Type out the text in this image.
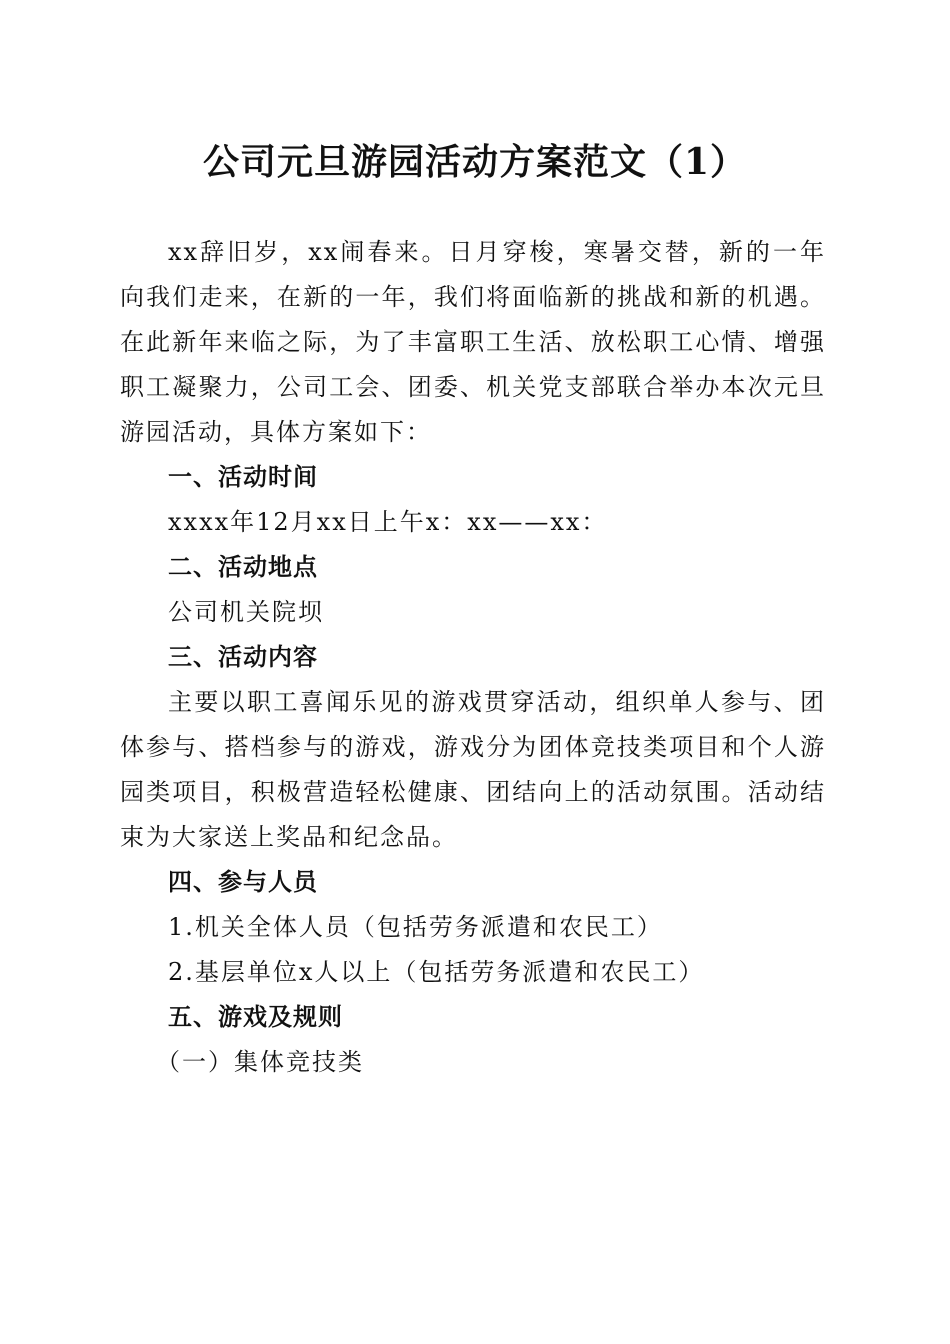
公司元旦游园活动方案范文（1）

xx辞旧岁，xx闹春来。日月穿梭，寒暑交替，新的一年向我们走来，在新的一年，我们将面临新的挑战和新的机遇。在此新年来临之际，为了丰富职工生活、放松职工心情、增强职工凝聚力，公司工会、团委、机关党支部联合举办本次元旦游园活动，具体方案如下：

一、活动时间

xxxx年12月xx日上午x：xx——xx：

二、活动地点

公司机关院坝

三、活动内容

主要以职工喜闻乐见的游戏贯穿活动，组织单人参与、团体参与、搭档参与的游戏，游戏分为团体竞技类项目和个人游园类项目，积极营造轻松健康、团结向上的活动氛围。活动结束为大家送上奖品和纪念品。

四、参与人员

1.机关全体人员（包括劳务派遣和农民工）

2.基层单位x人以上（包括劳务派遣和农民工）

五、游戏及规则

（一）集体竞技类
